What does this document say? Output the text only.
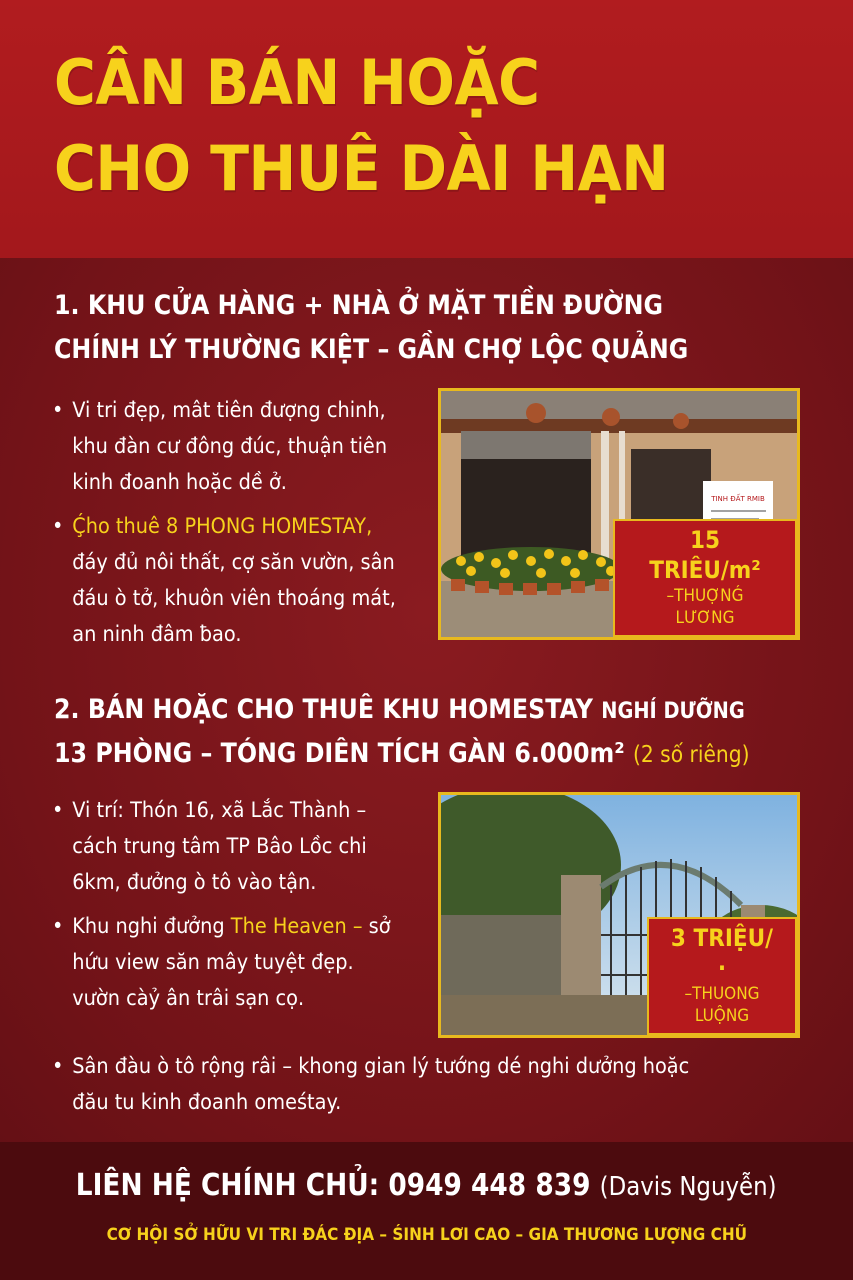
CÂN BÁN HOẶC
CHO THUÊ DÀI HẠN
1. KHU CỬA HÀNG + NHÀ Ở MẶT TIỀN ĐƯỜNG
CHÍNH LÝ THƯỜNG KIỆT – GẦN CHỢ LỘC QUẢNG
• Vi tri đẹp, mât tiên đượng chinh, khu đàn cư đông đúc, thuận tiên kinh đoanh hoặc dề ở.
• Ḉho thuê 8 PHONG HOMESTAY, đáy đủ nôi thất, cợ săn vườn, sân đáu ò tở, khuôn viên thoáng mát, an ninh đâm ƀao.
TINH ĐẤT RMIB
15 TRIÊU/m²
–THUỢNǴ LƯƠNG
2. BÁN HOẶC CHO THUÊ KHU HOMESTAY NGHÍ DƯỠNG
13 PHÒNG – TÓNG DIÊN TÍCH GÀN 6.000m² (2 số riêng)
• Vi trí: Thón 16, xã Lắc Thành – cách trung tâm TP Bâo Lồc chi 6km, đưởng ò tô vào tận.
• Khu nghi đưởng The Heaven – sở hứu view săn mây tuyệt đẹp. vườn càỷ ân trâi sạn cọ.
• Sân đàu ò tô rộng râi – khong gian lý tướng dé nghi dưởng hoặc đău tu kinh đoanh omeśtay.
3 TRIỆU/·
–THUONG LUỘNG
LIÊN HỆ CHÍNH CHỦ: 0949 448 839 (Davis Nguyễn)
CƠ HỘI SỞ HỮU VI TRI ĐÁC ĐỊA – ŚINH LƠI CAO – GIA THƯƠNG LƯỢNG CHŨ
